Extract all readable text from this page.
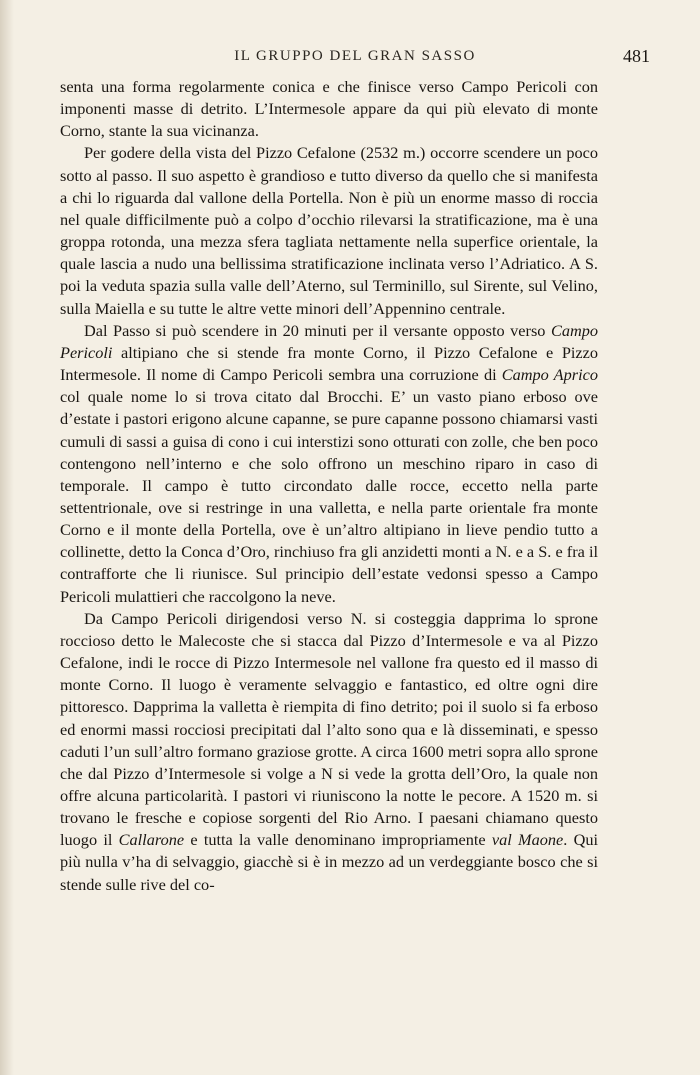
IL GRUPPO DEL GRAN SASSO	481

senta una forma regolarmente conica e che finisce verso Campo Pericoli con imponenti masse di detrito. L’Intermesole appare da qui più elevato di monte Corno, stante la sua vicinanza.

Per godere della vista del Pizzo Cefalone (2532 m.) occorre scendere un poco sotto al passo. Il suo aspetto è grandioso e tutto diverso da quello che si manifesta a chi lo riguarda dal vallone della Portella. Non è più un enorme masso di roccia nel quale difficilmente può a colpo d’occhio rilevarsi la stratificazione, ma è una groppa rotonda, una mezza sfera tagliata nettamente nella superfice orientale, la quale lascia a nudo una bellissima stratificazione inclinata verso l’Adriatico. A S. poi la veduta spazia sulla valle dell’Aterno, sul Terminillo, sul Sirente, sul Velino, sulla Maiella e su tutte le altre vette minori dell’Appennino centrale.

Dal Passo si può scendere in 20 minuti per il versante opposto verso Campo Pericoli altipiano che si stende fra monte Corno, il Pizzo Cefalone e Pizzo Intermesole. Il nome di Campo Pericoli sembra una corruzione di Campo Aprico col quale nome lo si trova citato dal Brocchi. E’ un vasto piano erboso ove d’estate i pastori erigono alcune capanne, se pure capanne possono chiamarsi vasti cumuli di sassi a guisa di cono i cui interstizi sono otturati con zolle, che ben poco contengono nell’interno e che solo offrono un meschino riparo in caso di temporale. Il campo è tutto circondato dalle rocce, eccetto nella parte settentrionale, ove si restringe in una valletta, e nella parte orientale fra monte Corno e il monte della Portella, ove è un’altro altipiano in lieve pendio tutto a collinette, detto la Conca d’Oro, rinchiuso fra gli anzidetti monti a N. e a S. e fra il contrafforte che li riunisce. Sul principio dell’estate vedonsi spesso a Campo Pericoli mulattieri che raccolgono la neve.

Da Campo Pericoli dirigendosi verso N. si costeggia dapprima lo sprone roccioso detto le Malecoste che si stacca dal Pizzo d’Intermesole e va al Pizzo Cefalone, indi le rocce di Pizzo Intermesole nel vallone fra questo ed il masso di monte Corno. Il luogo è veramente selvaggio e fantastico, ed oltre ogni dire pittoresco. Dapprima la valletta è riempita di fino detrito; poi il suolo si fa erboso ed enormi massi rocciosi precipitati dal l’alto sono qua e là disseminati, e spesso caduti l’un sull’altro formano graziose grotte. A circa 1600 metri sopra allo sprone che dal Pizzo d’Intermesole si volge a N si vede la grotta dell’Oro, la quale non offre alcuna particolarità. I pastori vi riuniscono la notte le pecore. A 1520 m. si trovano le fresche e copiose sorgenti del Rio Arno. I paesani chiamano questo luogo il Callarone e tutta la valle denominano impropriamente val Maone. Qui più nulla v’ha di selvaggio, giacchè si è in mezzo ad un verdeggiante bosco che si stende sulle rive del co-
